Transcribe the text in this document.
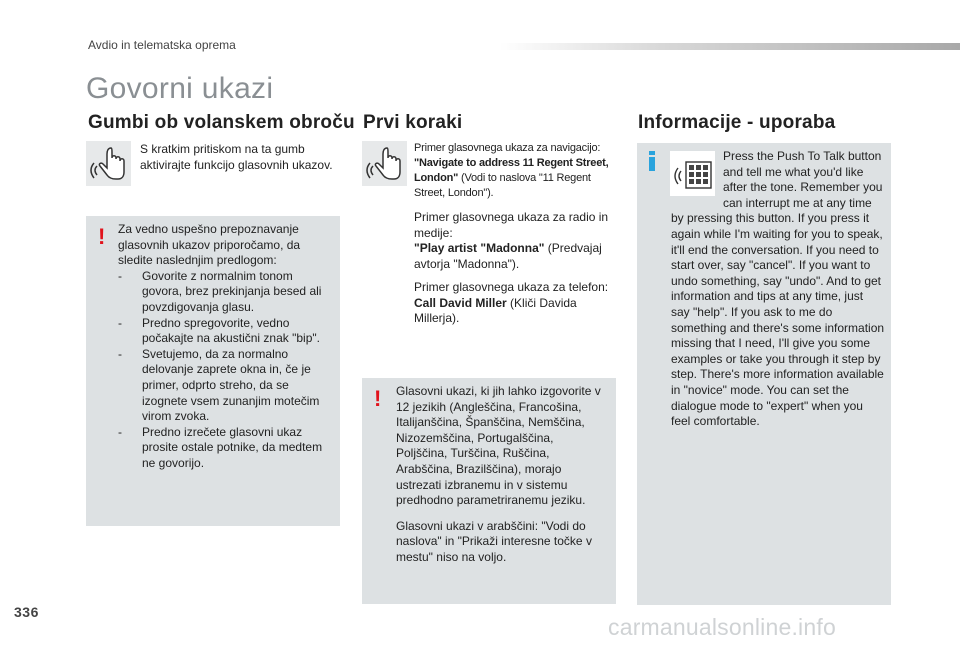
Avdio in telematska oprema
Govorni ukazi
Gumbi ob volanskem obroču

S kratkim pritiskom na ta gumb aktivirajte funkcijo glasovnih ukazov.

! Za vedno uspešno prepoznavanje glasovnih ukazov priporočamo, da sledite naslednjim predlogom:

- Govorite z normalnim tonom govora, brez prekinjanja besed ali povzdigovanja glasu.
- Predno spregovorite, vedno počakajte na akustični znak "bip".
- Svetujemo, da za normalno delovanje zaprete okna in, če je primer, odprto streho, da se izognete vsem zunanjim motečim virom zvoka.
- Predno izrečete glasovni ukaz prosite ostale potnike, da medtem ne govorijo.
Prvi koraki

Primer glasovnega ukaza za navigacijo:
"Navigate to address 11 Regent Street, London" (Vodi to naslova "11 Regent Street, London").

Primer glasovnega ukaza za radio in medije:
"Play artist "Madonna" (Predvajaj avtorja "Madonna").

Primer glasovnega ukaza za telefon:
Call David Miller (Kliči Davida Millerja).

! Glasovni ukazi, ki jih lahko izgovorite v 12 jezikih (Angleščina, Francošina, Italijanščina, Španščina, Nemščina, Nizozemščina, Portugalščina, Poljščina, Turščina, Ruščina, Arabščina, Brazilščina), morajo ustrezati izbranemu in v sistemu predhodno parametriranemu jeziku.

Glasovni ukazi v arabščini: "Vodi do naslova" in "Prikaži interesne točke v mestu" niso na voljo.

Informacije - uporaba
Press the Push To Talk button and tell me what you'd like after the tone. Remember you can interrupt me at any time by pressing this button. If you press it again while I'm waiting for you to speak, it'll end the conversation. If you need to start over, say "cancel". If you want to undo something, say "undo". And to get information and tips at any time, just say "help". If you ask to me do something and there's some information missing that I need, I'll give you some examples or take you through it step by step. There's more information available in "novice" mode. You can set the dialogue mode to "expert" when you feel comfortable.
336
carmanualsonline.info
